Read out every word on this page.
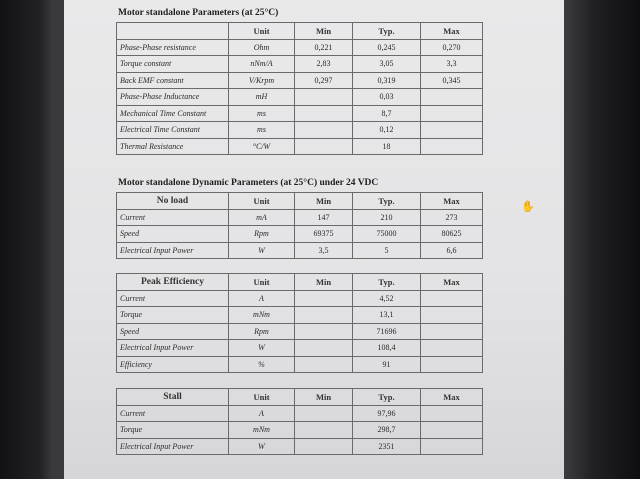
Motor standalone Parameters (at 25°C)
	Unit	Min	Typ.	Max
Phase-Phase resistance	Ohm	0,221	0,245	0,270
Torque constant	nNm/A	2,83	3,05	3,3
Back EMF constant	V/Krpm	0,297	0,319	0,345
Phase-Phase Inductance	mH		0,03	
Mechanical Time Constant	ms		8,7	
Electrical Time Constant	ms		0,12	
Thermal Resistance	°C/W		18	
Motor standalone Dynamic Parameters (at 25°C) under 24 VDC
No load	Unit	Min	Typ.	Max
Current	mA	147	210	273
Speed	Rpm	69375	75000	80625
Electrical Input Power	W	3,5	5	6,6
Peak Efficiency	Unit	Min	Typ.	Max
Current	A		4,52	
Torque	mNm		13,1	
Speed	Rpm		71696	
Electrical Input Power	W		108,4	
Efficiency	%		91	
Stall	Unit	Min	Typ.	Max
Current	A		97,96	
Torque	mNm		298,7	
Electrical Input Power	W		2351	
✋
